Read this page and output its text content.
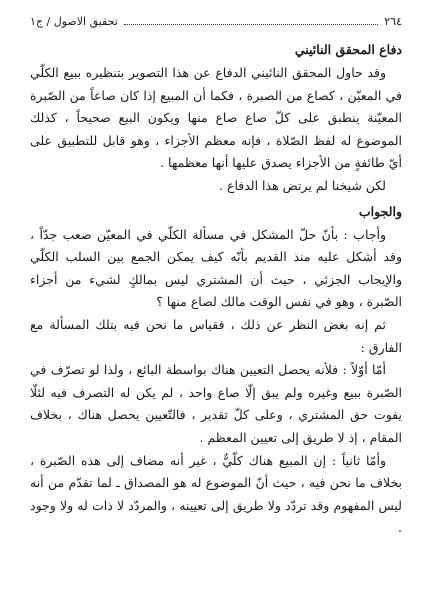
٢٦٤
تحقيق الاصول / ج١
دفاع المحقق النائيني

وقد حاول المحقق النائيني الدفاع عن هذا التصوير بتنظيره ببيع الكلّي في المعيّن ، كصاع من الصبرة ، فكما أن المبيع إذا كان صاعاً من الصّبرة المعيّنة ينطبق على كلّ صاع صاع منها ويكون البيع صحيحاً ، كذلك الموضوع له لفظ الصّلاة ، فإنه معظم الأجزاء ، وهو قابل للتطبيق على أيّ طائفةٍ من الأجزاء يصدق عليها أنها معظمها .

لكن شيخنا لم يرتض هذا الدفاع .

والجواب

وأجاب : بأنّ حلّ المشكل في مسألة الكلّي في المعيّن صعب جدّاً ، وقد أشكل عليه منذ القديم بأنّه كيف يمكن الجمع بين السلب الكلّي والإيجاب الجزئي ، حيث أن المشتري ليس بمالكٍ لشيء من أجزاء الصّبرة ، وهو في نفس الوقت مالك لصاع منها ؟

ثم إنه بغض النظر عن ذلك ، فقياس ما نحن فيه بتلك المسألة مع الفارق :

أمّا أوّلاً : فلأنه يحصل التعيين هناك بواسطة البائع ، ولذا لو تصرّف في الصّبرة ببيع وغيره ولم يبق إلّا صاع واحد ، لم يكن له التصرف فيه لئلّا يفوت حق المشتري ، وعلى كلّ تقدير ، فالتّعيين يحصل هناك ، بخلاف المقام ، إذ لا طريق إلى تعيين المعظم .

وأمّا ثانياً : إن المبيع هناك كلّيٌّ ، غير أنه مضاف إلى هذه الصّبرة ، بخلاف ما نحن فيه ، حيث أنّ الموضوع له هو المصداق ـ لما تقدّم من أنه ليس المفهوم وقد تردّد ولا طريق إلى تعيينه ، والمردّد لا ذات له ولا وجود .
